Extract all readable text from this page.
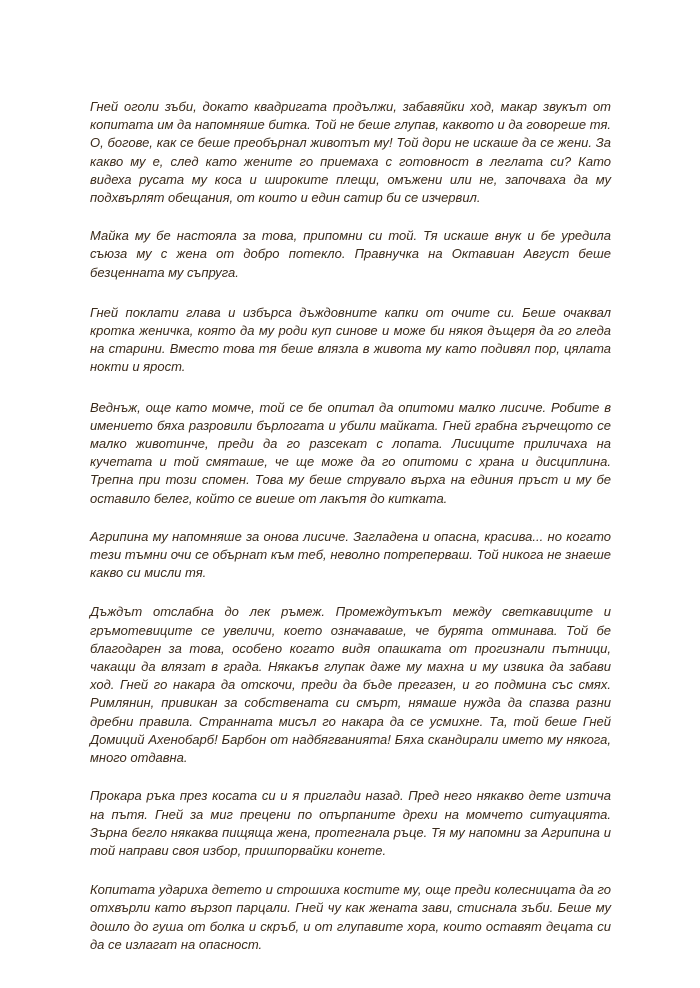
Гней оголи зъби, докато квадригата продължи, забавяйки ход, макар звукът от копитата им да напомняше битка. Той не беше глупав, каквото и да говореше тя. О, богове, как се беше преобърнал животът му! Той дори не искаше да се жени. За какво му е, след като жените го приемаха с готовност в леглата си? Като видеха русата му коса и широките плещи, омъжени или не, започваха да му подхвърлят обещания, от които и един сатир би се изчервил.

Майка му бе настояла за това, припомни си той. Тя искаше внук и бе уредила съюза му с жена от добро потекло. Правнучка на Октавиан Август беше безценната му съпруга.

Гней поклати глава и избърса дъждовните капки от очите си. Беше очаквал кротка женичка, която да му роди куп синове и може би някоя дъщеря да го гледа на старини. Вместо това тя беше влязла в живота му като подивял пор, цялата нокти и ярост.

Веднъж, още като момче, той се бе опитал да опитоми малко лисиче. Робите в имението бяха разровили бърлогата и убили майката. Гней грабна гърчещото се малко животинче, преди да го разсекат с лопата. Лисиците приличаха на кучетата и той смяташе, че ще може да го опитоми с храна и дисциплина. Трепна при този спомен. Това му беше струвало върха на единия пръст и му бе оставило белег, който се виеше от лакътя до китката.

Агрипина му напомняше за онова лисиче. Загладена и опасна, красива... но когато тези тъмни очи се обърнат към теб, неволно потреперваш. Той никога не знаеше какво си мисли тя.

Дъждът отслабна до лек ръмеж. Промеждутъкът между светкавиците и гръмотевиците се увеличи, което означаваше, че бурята отминава. Той бе благодарен за това, особено когато видя опашката от прогизнали пътници, чакащи да влязат в града. Някакъв глупак даже му махна и му извика да забави ход. Гней го накара да отскочи, преди да бъде прегазен, и го подмина със смях. Римлянин, привикан за собствената си смърт, нямаше нужда да спазва разни дребни правила. Странната мисъл го накара да се усмихне. Та, той беше Гней Домиций Ахенобарб! Барбон от надбягванията! Бяха скандирали името му някога, много отдавна.

Прокара ръка през косата си и я приглади назад. Пред него някакво дете изтича на пътя. Гней за миг прецени по опърпаните дрехи на момчето ситуацията. Зърна бегло някаква пищяща жена, протегнала ръце. Тя му напомни за Агрипина и той направи своя избор, пришпорвайки конете.

Копитата удариха детето и строшиха костите му, още преди колесницата да го отхвърли като вързоп парцали. Гней чу как жената зави, стиснала зъби. Беше му дошло до гуша от болка и скръб, и от глупавите хора, които оставят децата си да се излагат на опасност.
